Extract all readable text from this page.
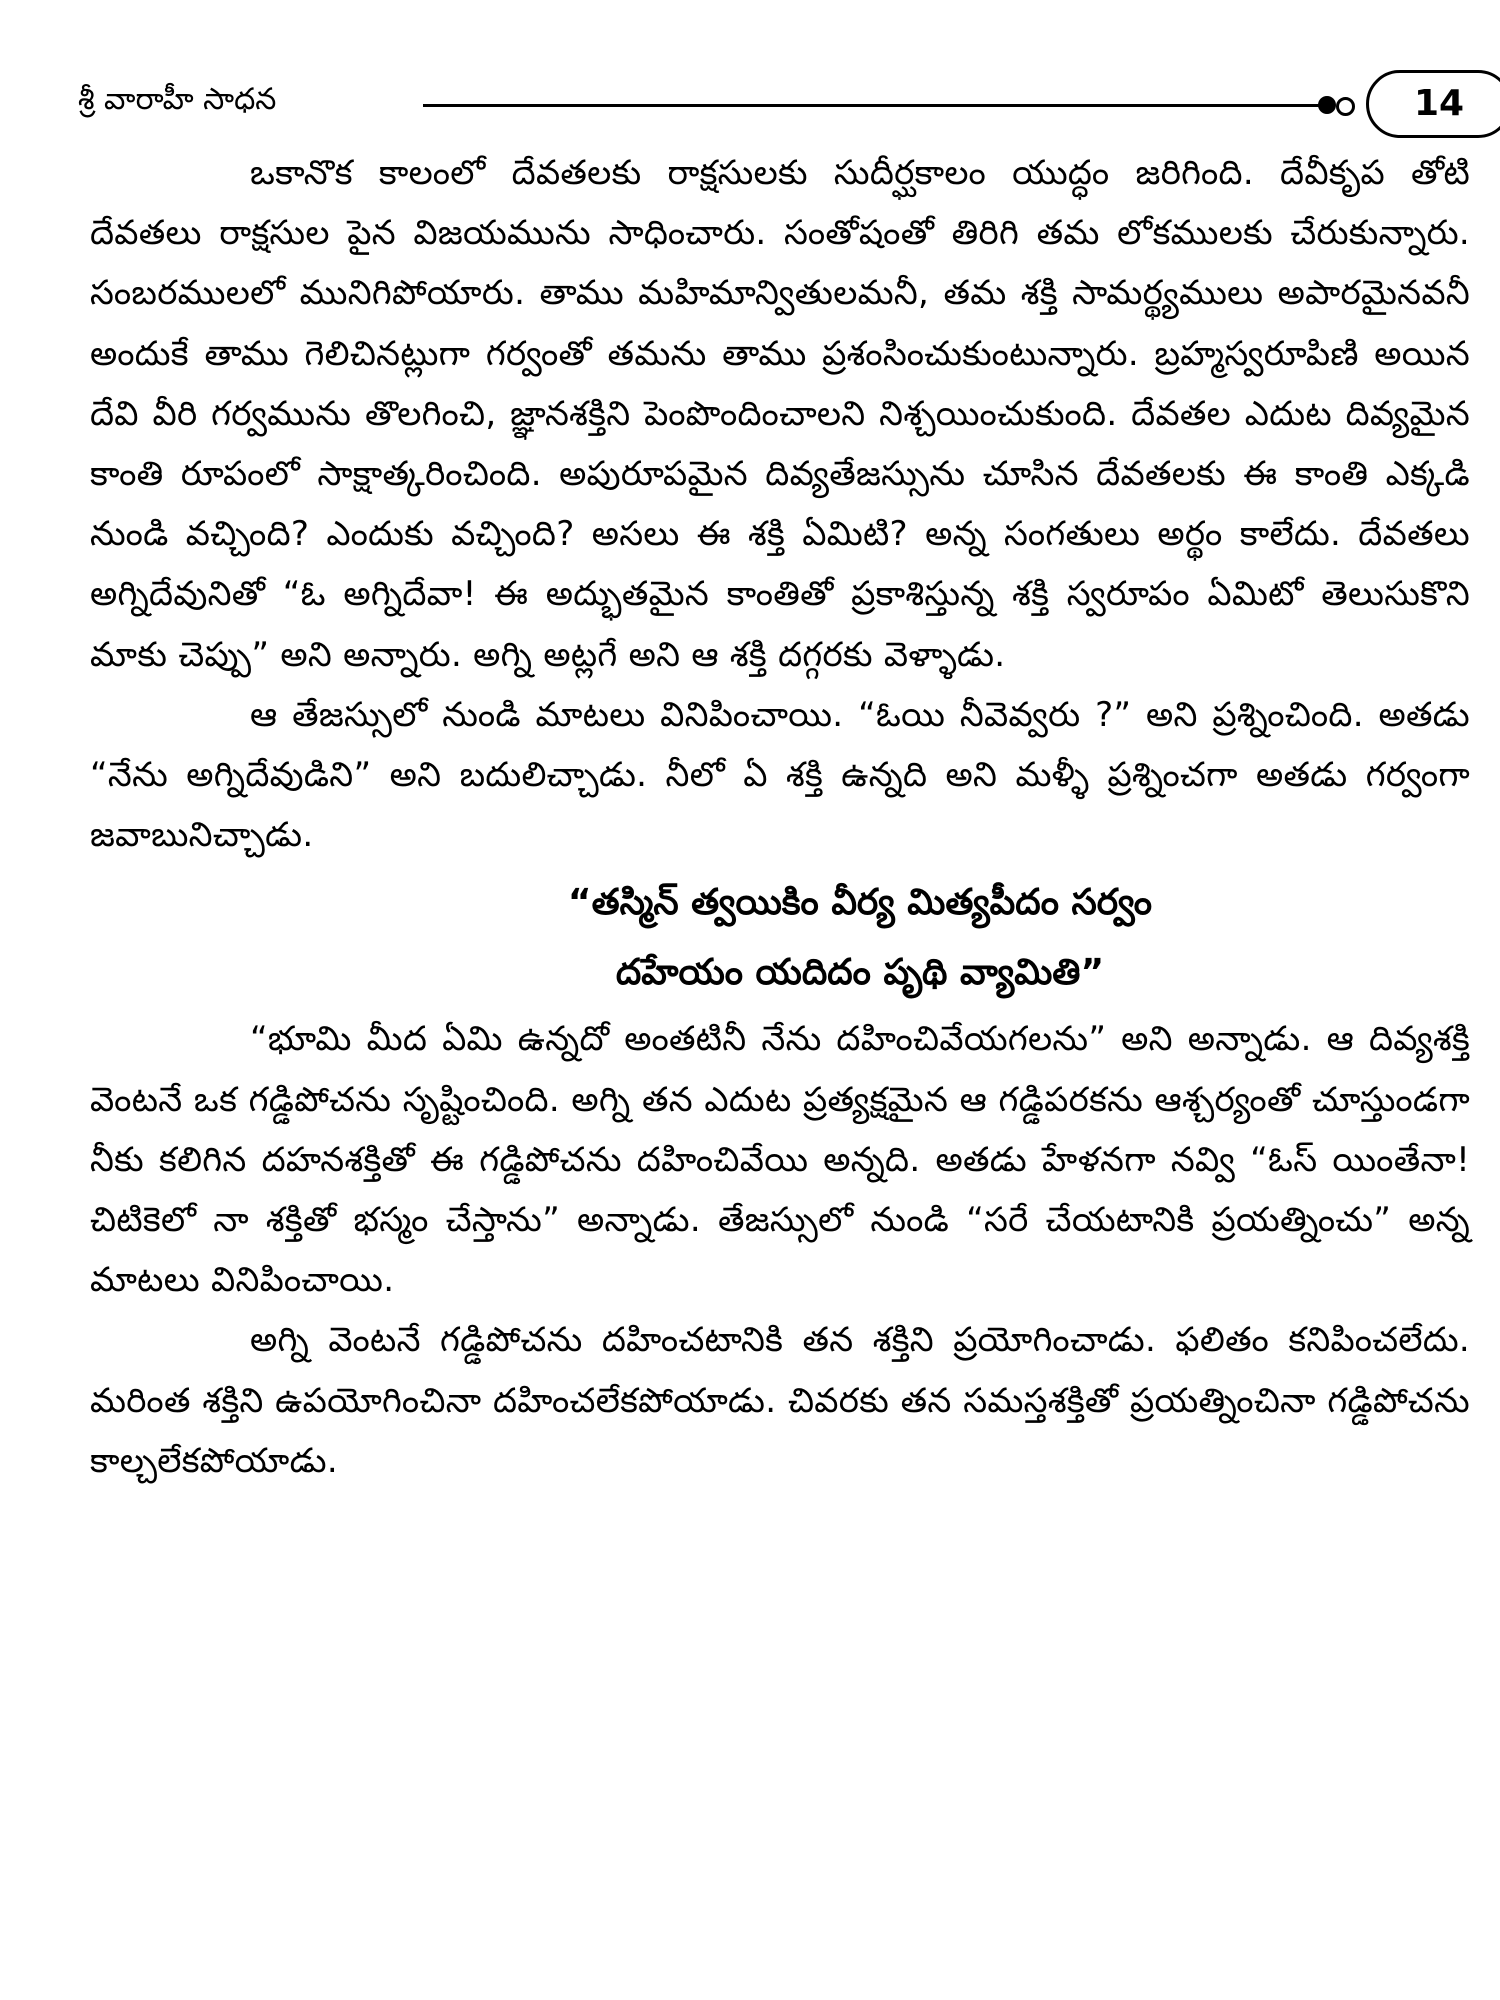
శ్రీ వారాహీ సాధన	14

ఒకానొక కాలంలో దేవతలకు రాక్షసులకు సుదీర్ఘకాలం యుద్ధం జరిగింది. దేవీకృప తోటి దేవతలు రాక్షసుల పైన విజయమును సాధించారు. సంతోషంతో తిరిగి తమ లోకములకు చేరుకున్నారు. సంబరములలో మునిగిపోయారు. తాము మహిమాన్వితులమనీ, తమ శక్తి సామర్థ్యములు అపారమైనవనీ అందుకే తాము గెలిచినట్లుగా గర్వంతో తమను తాము ప్రశంసించుకుంటున్నారు. బ్రహ్మస్వరూపిణి అయిన దేవి వీరి గర్వమును తొలగించి, జ్ఞానశక్తిని పెంపొందించాలని నిశ్చయించుకుంది. దేవతల ఎదుట దివ్యమైన కాంతి రూపంలో సాక్షాత్కరించింది. అపురూపమైన దివ్యతేజస్సును చూసిన దేవతలకు ఈ కాంతి ఎక్కడి నుండి వచ్చింది? ఎందుకు వచ్చింది? అసలు ఈ శక్తి ఏమిటి? అన్న సంగతులు అర్థం కాలేదు. దేవతలు అగ్నిదేవునితో “ఓ అగ్నిదేవా! ఈ అద్భుతమైన కాంతితో ప్రకాశిస్తున్న శక్తి స్వరూపం ఏమిటో తెలుసుకొని మాకు చెప్పు” అని అన్నారు. అగ్ని అట్లగే అని ఆ శక్తి దగ్గరకు వెళ్ళాడు.

ఆ తేజస్సులో నుండి మాటలు వినిపించాయి. “ఓయి నీవెవ్వరు ?” అని ప్రశ్నించింది. అతడు “నేను అగ్నిదేవుడిని” అని బదులిచ్చాడు. నీలో ఏ శక్తి ఉన్నది అని మళ్ళీ ప్రశ్నించగా అతడు గర్వంగా జవాబునిచ్చాడు.

“తస్మిన్ త్వయికిం వీర్య మిత్యపీదం సర్వం
దహేయం యదిదం పృథి వ్యామితి”

“భూమి మీద ఏమి ఉన్నదో అంతటినీ నేను దహించివేయగలను” అని అన్నాడు. ఆ దివ్యశక్తి వెంటనే ఒక గడ్డిపోచను సృష్టించింది. అగ్ని తన ఎదుట ప్రత్యక్షమైన ఆ గడ్డిపరకను ఆశ్చర్యంతో చూస్తుండగా నీకు కలిగిన దహనశక్తితో ఈ గడ్డిపోచను దహించివేయి అన్నది. అతడు హేళనగా నవ్వి “ఓస్ యింతేనా! చిటికెలో నా శక్తితో భస్మం చేస్తాను” అన్నాడు. తేజస్సులో నుండి “సరే చేయటానికి ప్రయత్నించు” అన్న మాటలు వినిపించాయి.

అగ్ని వెంటనే గడ్డిపోచను దహించటానికి తన శక్తిని ప్రయోగించాడు. ఫలితం కనిపించలేదు. మరింత శక్తిని ఉపయోగించినా దహించలేకపోయాడు. చివరకు తన సమస్తశక్తితో ప్రయత్నించినా గడ్డిపోచను కాల్చలేకపోయాడు.
